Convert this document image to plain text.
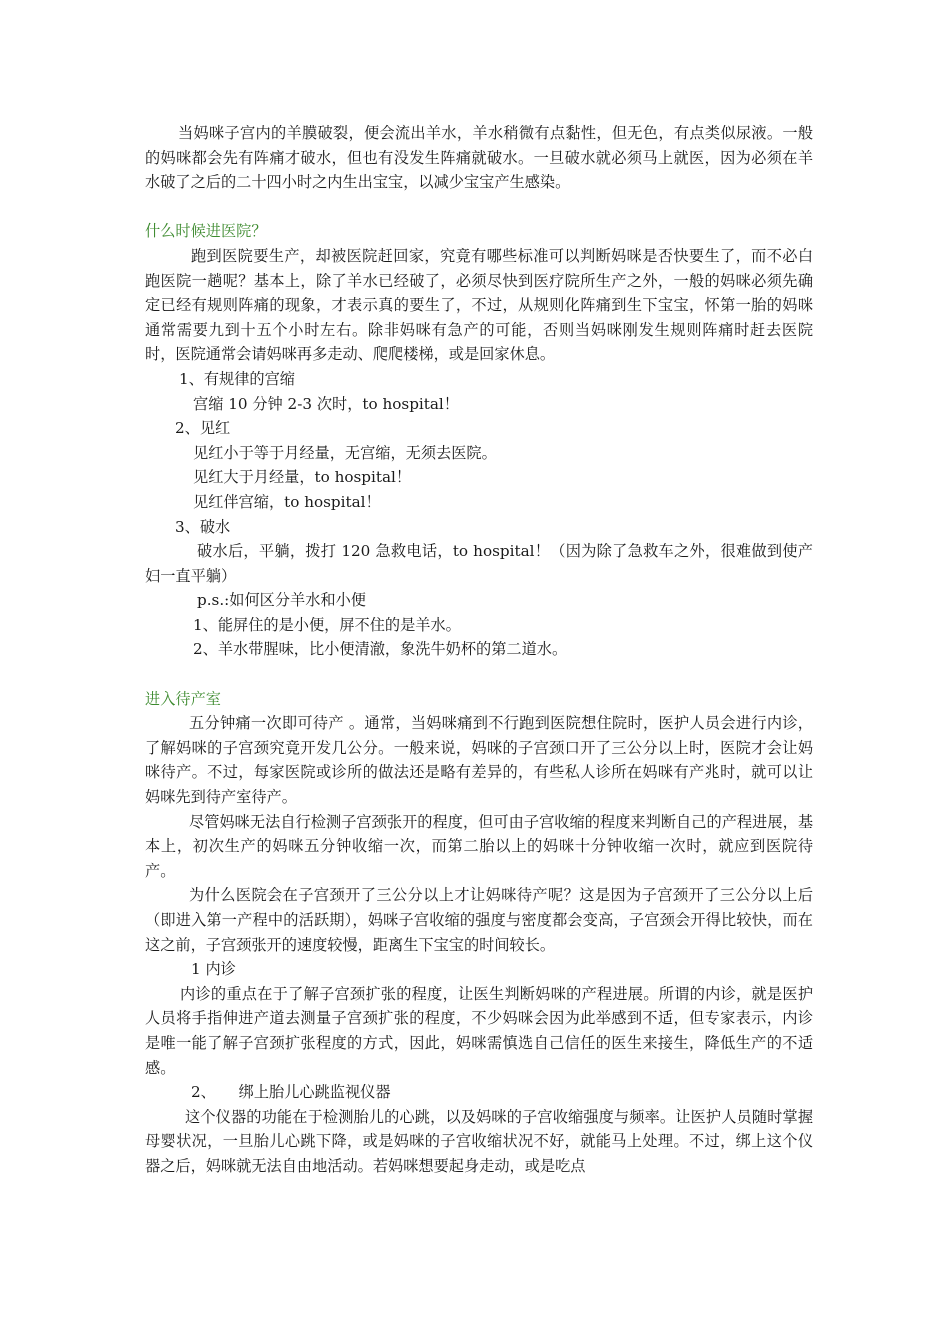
当妈咪子宫内的羊膜破裂，便会流出羊水，羊水稍微有点黏性，但无色，有点类似尿液。一般的妈咪都会先有阵痛才破水，但也有没发生阵痛就破水。一旦破水就必须马上就医，因为必须在羊水破了之后的二十四小时之内生出宝宝，以减少宝宝产生感染。

什么时候进医院？

跑到医院要生产，却被医院赶回家，究竟有哪些标准可以判断妈咪是否快要生了，而不必白跑医院一趟呢？基本上，除了羊水已经破了，必须尽快到医疗院所生产之外，一般的妈咪必须先确定已经有规则阵痛的现象，才表示真的要生了，不过，从规则化阵痛到生下宝宝，怀第一胎的妈咪通常需要九到十五个小时左右。除非妈咪有急产的可能，否则当妈咪刚发生规则阵痛时赶去医院时，医院通常会请妈咪再多走动、爬爬楼梯，或是回家休息。

1、有规律的宫缩

宫缩 10 分钟 2-3 次时，to hospital！

2、见红

见红小于等于月经量，无宫缩，无须去医院。

见红大于月经量，to hospital！

见红伴宫缩，to hospital！

3、破水

破水后，平躺，拨打 120 急救电话，to hospital！（因为除了急救车之外，很难做到使产妇一直平躺）

p.s.:如何区分羊水和小便

1、能屏住的是小便，屏不住的是羊水。

2、羊水带腥味，比小便清澈，象洗牛奶杯的第二道水。

进入待产室

五分钟痛一次即可待产 。通常，当妈咪痛到不行跑到医院想住院时，医护人员会进行内诊，了解妈咪的子宫颈究竟开发几公分。一般来说，妈咪的子宫颈口开了三公分以上时，医院才会让妈咪待产。不过，每家医院或诊所的做法还是略有差异的，有些私人诊所在妈咪有产兆时，就可以让妈咪先到待产室待产。

尽管妈咪无法自行检测子宫颈张开的程度，但可由子宫收缩的程度来判断自己的产程进展，基本上，初次生产的妈咪五分钟收缩一次，而第二胎以上的妈咪十分钟收缩一次时，就应到医院待产。

为什么医院会在子宫颈开了三公分以上才让妈咪待产呢？这是因为子宫颈开了三公分以上后（即进入第一产程中的活跃期），妈咪子宫收缩的强度与密度都会变高，子宫颈会开得比较快，而在这之前，子宫颈张开的速度较慢，距离生下宝宝的时间较长。

1 内诊

内诊的重点在于了解子宫颈扩张的程度，让医生判断妈咪的产程进展。所谓的内诊，就是医护人员将手指伸进产道去测量子宫颈扩张的程度，不少妈咪会因为此举感到不适，但专家表示，内诊是唯一能了解子宫颈扩张程度的方式，因此，妈咪需慎选自己信任的医生来接生，降低生产的不适感。

2、　　绑上胎儿心跳监视仪器

这个仪器的功能在于检测胎儿的心跳，以及妈咪的子宫收缩强度与频率。让医护人员随时掌握母婴状况，一旦胎儿心跳下降，或是妈咪的子宫收缩状况不好，就能马上处理。不过，绑上这个仪器之后，妈咪就无法自由地活动。若妈咪想要起身走动，或是吃点
